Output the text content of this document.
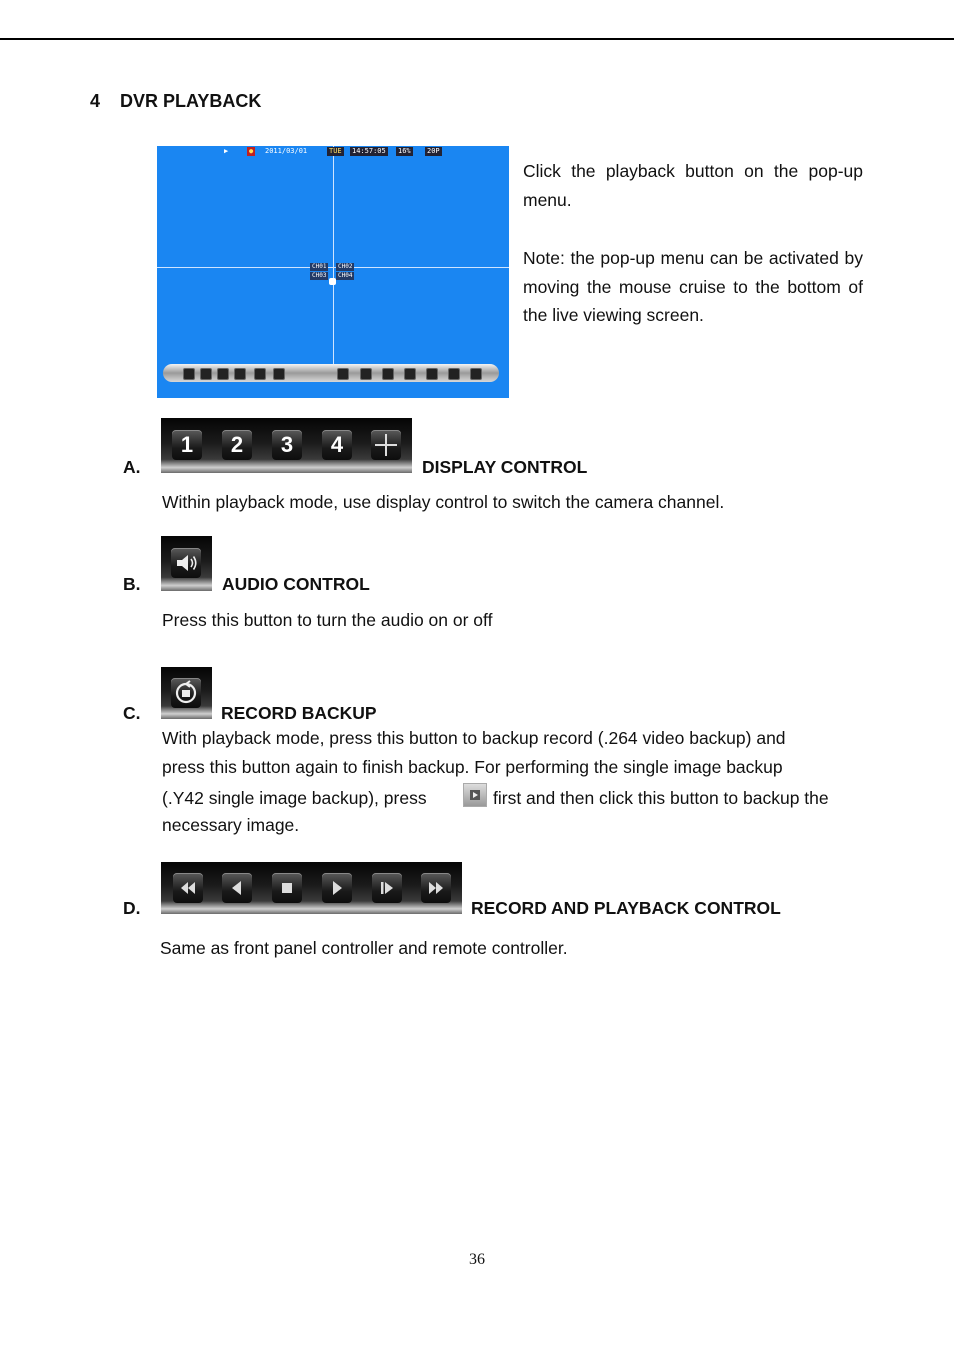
4 DVR PLAYBACK
▶	● 2011/03/01	TUE 14:57:05 16% 20P
CH01	CH02
CH03	CH04
Click the playback button on the pop-up menu.
Note: the pop-up menu can be activated by moving the mouse cruise to the bottom of the live viewing screen.
A.
1	2	3	4
DISPLAY CONTROL
Within playback mode, use display control to switch the camera channel.
B.	AUDIO CONTROL
Press this button to turn the audio on or off
C.	RECORD BACKUP
With playback mode, press this button to backup record (.264 video backup) and
press this button again to finish backup. For performing the single image backup
(.Y42 single image backup), press	first and then click this button to backup the
necessary image.
D.	RECORD AND PLAYBACK CONTROL
Same as front panel controller and remote controller.
36
